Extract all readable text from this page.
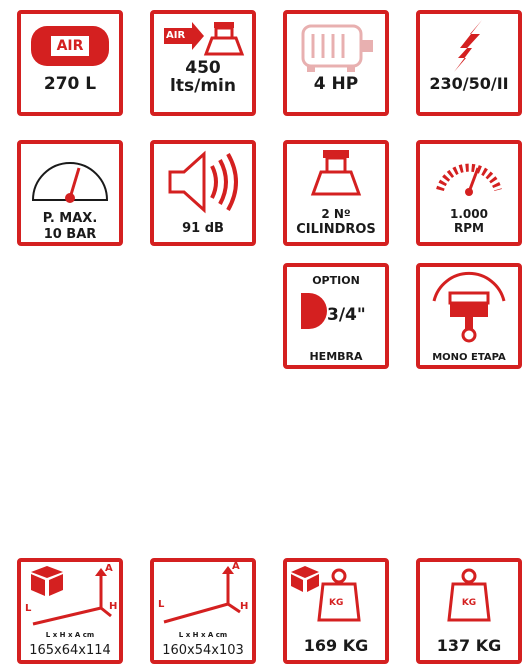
AIR
270 L
AIR
450
lts/min	4 HP	230/50/II
P. MAX.
10 BAR	91 dB
2 Nº
CILINDROS
1.000
RPM
OPTION
3/4"
HEMBRA	MONO ETAPA
A
L	H
L x H x A cm
165x64x114
A
L	H
L x H x A cm
160x54x103
KG
169 KG
KG
137 KG
